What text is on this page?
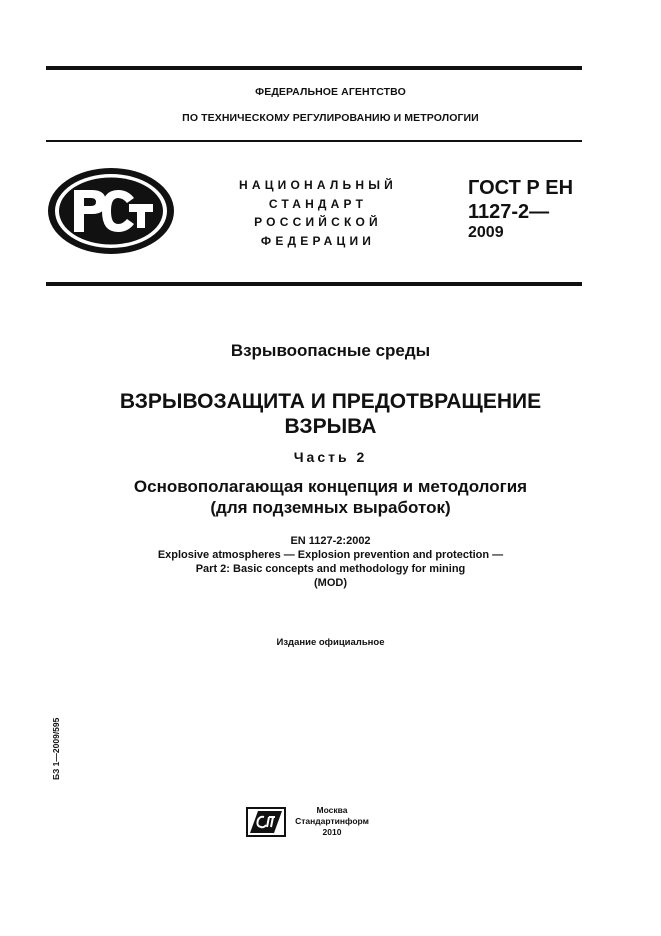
ФЕДЕРАЛЬНОЕ АГЕНТСТВО
ПО ТЕХНИЧЕСКОМУ РЕГУЛИРОВАНИЮ И МЕТРОЛОГИИ
НАЦИОНАЛЬНЫЙ
СТАНДАРТ
РОССИЙСКОЙ
ФЕДЕРАЦИИ
ГОСТ Р ЕН
1127-2—
2009
Взрывоопасные среды
ВЗРЫВОЗАЩИТА И ПРЕДОТВРАЩЕНИЕ
ВЗРЫВА
Часть 2
Основополагающая концепция и методология
(для подземных выработок)
EN 1127-2:2002
Explosive atmospheres — Explosion prevention and protection —
Part 2: Basic concepts and methodology for mining
(MOD)
Издание официальное
БЗ 1—2009/595
Москва
Стандартинформ
2010
